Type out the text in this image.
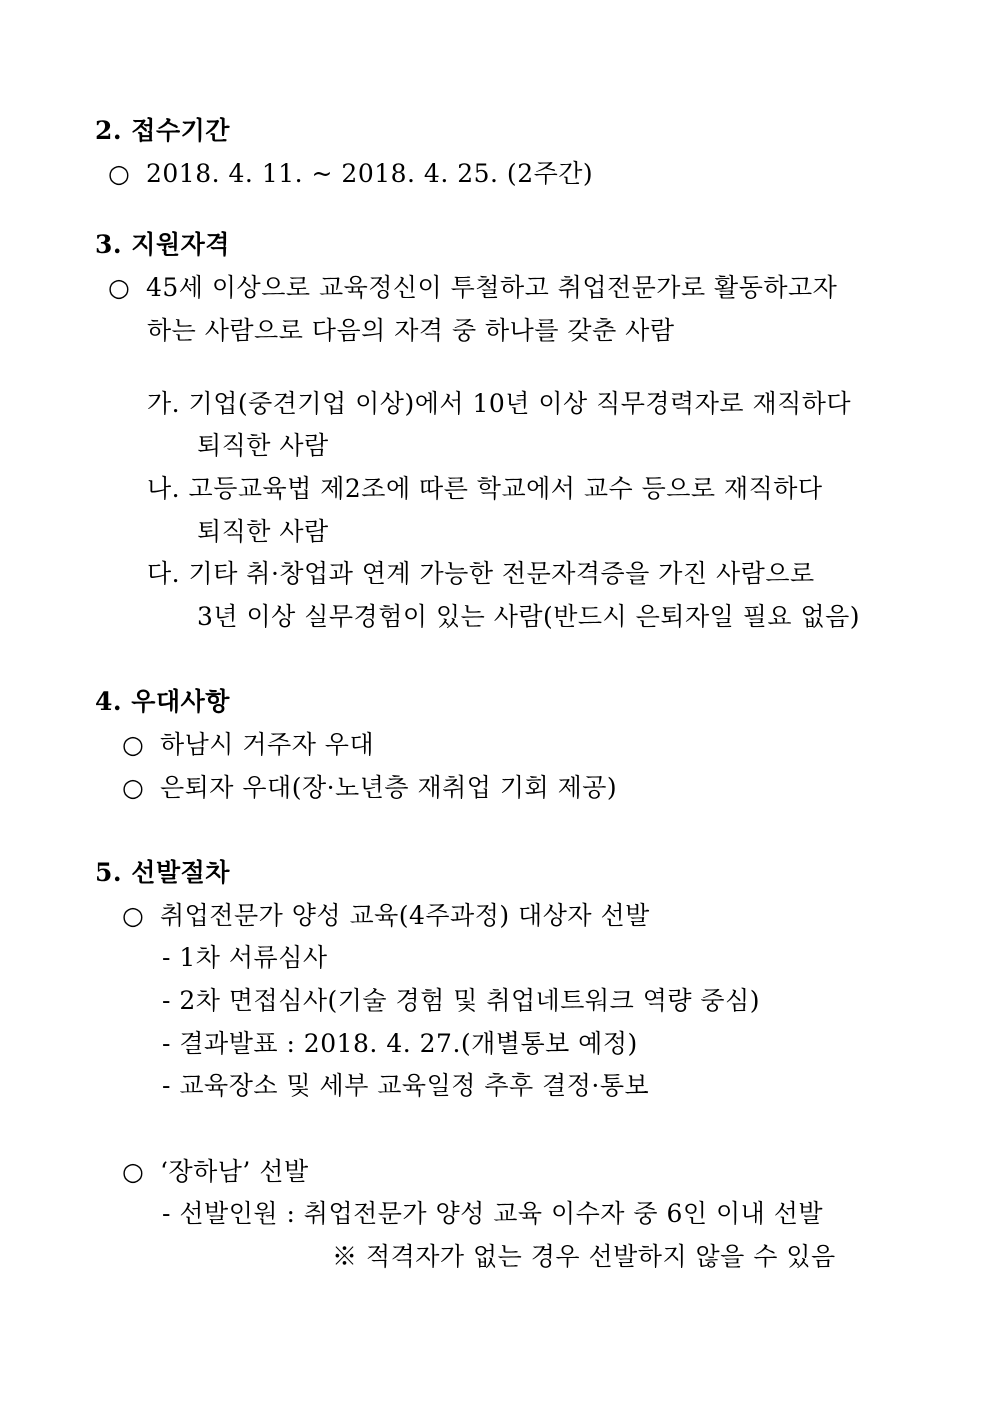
2. 접수기간
○ 2018. 4. 11. ~ 2018. 4. 25. (2주간)
3. 지원자격
○ 45세 이상으로 교육정신이 투철하고 취업전문가로 활동하고자
하는 사람으로 다음의 자격 중 하나를 갖춘 사람
가. 기업(중견기업 이상)에서 10년 이상 직무경력자로 재직하다
퇴직한 사람
나. 고등교육법 제2조에 따른 학교에서 교수 등으로 재직하다
퇴직한 사람
다. 기타 취·창업과 연계 가능한 전문자격증을 가진 사람으로
3년 이상 실무경험이 있는 사람(반드시 은퇴자일 필요 없음)
4. 우대사항
○ 하남시 거주자 우대
○ 은퇴자 우대(장·노년층 재취업 기회 제공)
5. 선발절차
○ 취업전문가 양성 교육(4주과정) 대상자 선발
- 1차 서류심사
- 2차 면접심사(기술 경험 및 취업네트워크 역량 중심)
- 결과발표 : 2018. 4. 27.(개별통보 예정)
- 교육장소 및 세부 교육일정 추후 결정·통보
○ ‘장하남’ 선발
- 선발인원 : 취업전문가 양성 교육 이수자 중 6인 이내 선발
※ 적격자가 없는 경우 선발하지 않을 수 있음
